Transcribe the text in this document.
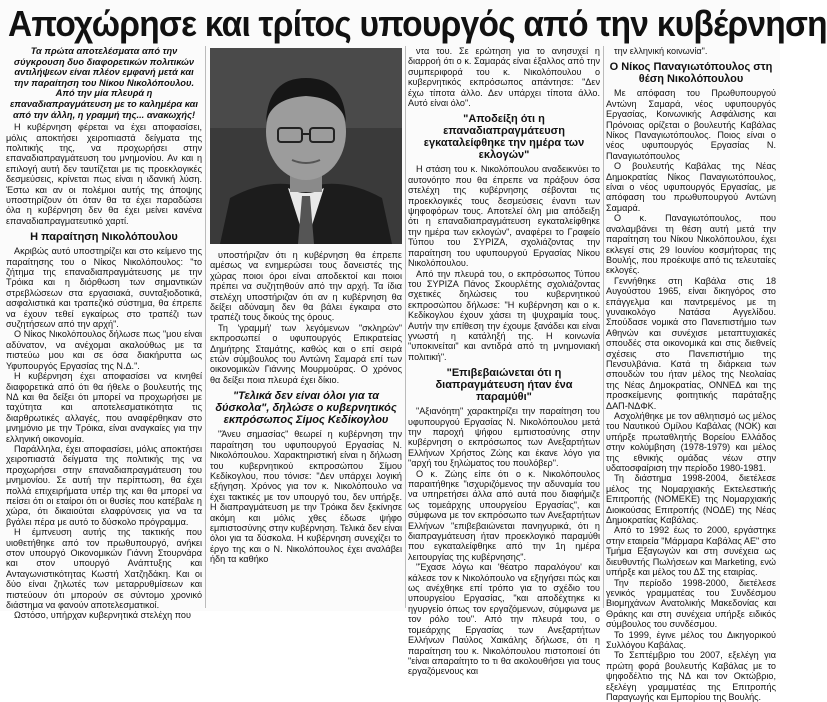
Αποχώρησε και τρίτος υπουργός από την κυβέρνηση
Τα πρώτα αποτελέσματα από την σύγκρουση δυο διαφορετικών πολιτικών αντιλήψεων είναι πλέον εμφανή μετά και την παραίτηση του Νίκου Νικολόπουλου. Από την μία πλευρά η επαναδιαπραγμάτευση με το καλημέρα και από την άλλη, η γραμμή της... ανακωχής!

Η κυβέρνηση φέρεται να έχει αποφασίσει, μόλις αποκτήσει χειροπιαστά δείγματα της πολιτικής της, να προχωρήσει στην επαναδιαπραγμάτευση του μνημονίου. Αν και η επιλογή αυτή δεν ταυτίζεται με τις προεκλογικές δεσμεύσεις, κρίνεται πως είναι η ιδανική λύση. Έστω και αν οι πολέμιοι αυτής της άποψης υποστηρίζουν ότι όταν θα τα έχει παραδώσει όλα η κυβέρνηση δεν θα έχει μείνει κανένα επαναδιαπραγματευτικό χαρτί.

Η παραίτηση Νικολόπουλου

Ακριβώς αυτό υποστηρίζει και στο κείμενο της παραίτησης του ο Νίκος Νικολόπουλος: "το ζήτημα της επαναδιαπραγμάτευσης με την Τρόικα και η διόρθωση των σημαντικών στρεβλώσεων στα εργασιακά, συνταξιοδοτικά, ασφαλιστικά και τραπεζικό σύστημα, θα έπρεπε να έχουν τεθεί εγκαίρως στο τραπέζι των συζητήσεων από την αρχή".

Ο Νίκος Νικολόπουλος δήλωσε πως "μου είναι αδύνατον, να ανέχομαι ακαλούθως με τα πιστεύω μου και σε όσα διακήρυττα ως Υφυπουργός Εργασίας της Ν.Δ.".

Η κυβέρνηση έχει αποφασίσει να κινηθεί διαφορετικά από ότι θα ήθελε ο βουλευτής της ΝΔ και θα δείξει ότι μπορεί να προχωρήσει με ταχύτητα και αποτελεσματικότητα τις διαρθρωτικές αλλαγές, που αναφέρθηκαν στο μνημόνιο με την Τρόικα, είναι αναγκαίες για την ελληνική οικονομία.

Παράλληλα, έχει αποφασίσει, μόλις αποκτήσει χειροπιαστά δείγματα της πολιτικής της να προχωρήσει στην επαναδιαπραγμάτευση του μνημονίου. Σε αυτή την περίπτωση, θα έχει πολλά επιχειρήματα υπέρ της και θα μπορεί να πείσει ότι οι εταίροι ότι οι θυσίες που κατέβαλε η χώρα, ότι δικαιούται ελαφρύνσεις για να τα βγάλει πέρα με αυτό το δύσκολο πρόγραμμα.

Η έμπνευση αυτής της τακτικής που υιοθετήθηκε από τον πρωθυπουργό, ανήκει στον υπουργό Οικονομικών Γιάννη Στουρνάρα και στον υπουργό Ανάπτυξης και Ανταγωνιστικότητας Κωστή Χατζηδάκη. Και οι δύο είναι ζηλωτές των μεταρρυθμίσεων και πιστεύουν ότι μπορούν σε σύντομο χρονικό διάστημα να φανούν αποτελεσματικοί.

Ωστόσο, υπήρχαν κυβερνητικά στελέχη που

υποστήριζαν ότι η κυβέρνηση θα έπρεπε αμέσως να ενημερώσει τους δανειστές της χώρας ποιοι όροι είναι αποδεκτοί και ποιοι πρέπει να συζητηθούν από την αρχή. Τα ίδια στελέχη υποστήριζαν ότι αν η κυβέρνηση θα δείξει αδύναμη δεν θα βάλει έγκαιρα στο τραπέζι τους δικούς της όρους.

Τη 'γραμμή' των λεγόμενων "σκληρών" εκπροσωπεί ο υφυπουργός Επικρατείας Δημήτρης Σταμάτης, καθώς και ο επί σειρά ετών σύμβουλος του Αντώνη Σαμαρά επί των οικονομικών Γιάννης Μουρμούρας. Ο χρόνος θα δείξει ποια πλευρά έχει δίκιο.

"Τελικά δεν είναι όλοι για τα δύσκολα", δηλώσε ο κυβερνητικός εκπρόσωπος Σίμος Κεδίκογλου

"Άνευ σημασίας" θεωρεί η κυβέρνηση την παραίτηση του υφυπουργού Εργασίας Ν. Νικολόπουλου. Χαρακτηριστική είναι η δήλωση του κυβερνητικού εκπροσώπου Σίμου Κεδίκογλου, που τόνισε: "Δεν υπάρχει λογική εξήγηση. Χρόνος για τον κ. Νικολόπουλο να έχει τακτικές με τον υπουργό του, δεν υπήρξε. Η διαπραγμάτευση με την Τρόικα δεν ξεκίνησε ακόμη και μόλις χθες έδωσε ψήφο εμπιστοσύνης στην κυβέρνηση. Τελικά δεν είναι όλοι για τα δύσκολα. Η κυβέρνηση συνεχίζει το έργο της και ο Ν. Νικολόπουλος έχει αναλάβει ήδη τα καθήκο

ντα του. Σε ερώτηση για το ανησυχεί η διαρροή ότι ο κ. Σαμαράς είναι έξαλλος από την συμπεριφορά του κ. Νικολόπουλου ο κυβερνητικός εκπρόσωπος απάντησε: "Δεν έχω τίποτα άλλο. Δεν υπάρχει τίποτα άλλο. Αυτό είναι όλο".

"Αποδείξη ότι η επαναδιαπραγμάτευση εγκαταλείφθηκε την ημέρα των εκλογών"

Η στάση του κ. Νικολόπουλου αναδεικνύει το αυτονόητο που θα έπρεπε να πράξουν όσα στελέχη της κυβέρνησης σέβονται τις προεκλογικές τους δεσμεύσεις έναντι των ψηφοφόρων τους. Αποτελεί όλη μια απόδειξη ότι η επαναδιαπραγμάτευση εγκαταλείφθηκε την ημέρα των εκλογών", αναφέρει το Γραφείο Τύπου του ΣΥΡΙΖΑ, σχολιάζοντας την παραίτηση του υφυπουργού Εργασίας Νίκου Νικολόπουλου.

Από την πλευρά του, ο εκπρόσωπος Τύπου του ΣΥΡΙΖΑ Πάνος Σκουρλέτης σχολιάζοντας σχετικές δηλώσεις του κυβερνητικού εκπροσώπου δήλωσε: "Η κυβέρνηση και ο κ. Κεδίκογλου έχουν χάσει τη ψυχραιμία τους. Αυτήν την επίθεση την έχουμε ξανάδει και είναι γνωστή η κατάληξή της. Η κοινωνία "υποκινείται" και αντιδρά από τη μνημονιακή πολιτική".

"Επιβεβαιώνεται ότι η διαπραγμάτευση ήταν ένα παραμύθι"

"Αξιανόητη" χαρακτηρίζει την παραίτηση του υφυπουργού Εργασίας Ν. Νικολόπουλου μετά την παροχή ψήφου εμπιστοσύνης στην κυβέρνηση ο εκπρόσωπος των Ανεξαρτήτων Ελλήνων Χρήστος Ζώης και έκανε λόγο για "αρχή του ξηλώματος του πουλόβερ".

Ο κ. Ζώης είπε ότι ο κ. Νικολόπουλος παραιτήθηκε "ισχυριζόμενος την αδυναμία του να υπηρετήσει άλλα από αυτά που διαφήμιζε ως τομεάρχης υπουργείου Εργασίας", και σύμφωνα με τον εκπρόσωπο των Ανεξαρτήτων Ελλήνων "επιβεβαιώνεται πανηγυρικά, ότι η διαπραγμάτευση ήταν προεκλογικό παραμύθι που εγκαταλείφθηκε από την 1η ημέρα λειτουργίας της κυβέρνησης".

"Έχασε λόγω και 'θέατρο παραλόγου' και κάλεσε τον κ Νικολόπουλο να εξηγήσει πώς και ως ανέχθηκε επί τρόπο για το σχέδιο του υπουργείου Εργασίας, "και αποδέχτηκε κι ηγυργείο όπως τον εργαζόμενων, σύμφωνα με τον ρόλο του". Από την πλευρά του, ο τομεάρχης Εργασίας των Ανεξαρτήτων Ελλήνων Παύλος Χαικάλης δήλωσε, ότι η παραίτηση του κ. Νικολόπουλου πιστοποιεί ότι "είναι απαραίτητο το τι θα ακολουθήσει για τους εργαζόμενους και

την ελληνική κοινωνία".

Ο Νίκος Παναγιωτόπουλος στη θέση Νικολόπουλου

Με απόφαση του Πρωθυπουργού Αντώνη Σαμαρά, νέος υφυπουργός Εργασίας, Κοινωνικής Ασφάλισης και Πρόνοιας ορίζεται ο βουλευτής Καβάλας Νίκος Παναγιωτόπουλος. Ποιος είναι ο νέος υφυπουργός Εργασίας Ν. Παναγιωτόπουλος

Ο βουλευτής Καβάλας της Νέας Δημοκρατίας Νίκος Παναγιωτόπουλος, είναι ο νέος υφυπουργός Εργασίας, με απόφαση του πρωθυπουργού Αντώνη Σαμαρά.

Ο κ. Παναγιωτόπουλος, που αναλαμβάνει τη θέση αυτή μετά την παραίτηση του Νίκου Νικολόπουλου, έχει εκλεγεί στις 29 Ιουνίου κοσμήτορας της Βουλής, που προέκυψε από τις τελευταίες εκλογές.

Γεννήθηκε στη Καβάλα στις 18 Αυγούστου 1965, είναι δικηγόρος στο επάγγελμα και παντρεμένος με τη γυναικολόγο Νατάσα Αγγελίδου. Σπούδασε νομικά στο Πανεπιστήμιο των Αθηνών και συνέχισε μεταπτυχιακές σπουδές στα οικονομικά και στις διεθνείς σχέσεις στο Πανεπιστήμιο της Πενσυλβάνια. Κατά τη διάρκεια των σπουδών του ήταν μέλος της Νεολαίας της Νέας Δημοκρατίας, ΟΝΝΕΔ και της προσκείμενης φοιτητικής παράταξης ΔΑΠ-ΝΔΦΚ.

Ασχολήθηκε με τον αθλητισμό ως μέλος του Ναυτικού Ομίλου Καβάλας (ΝΟΚ) και υπήρξε πρωταθλητής Βορείου Ελλάδος στην κολύμβηση (1978-1979) και μέλος της εθνικής ομάδας νέων στην υδατοσφαίριση την περίοδο 1980-1981.

Τη διάστημα 1998-2004, διετέλεσε μέλος της Νομαρχιακής Εκτελεστικής Επιτροπής (ΝΟΜΕΚΕ) της Νομαρχιακής Διοικούσας Επιτροπής (ΝΟΔΕ) της Νέας Δημοκρατίας Καβάλας.

Από το 1992 έως το 2000, εργάστηκε στην εταιρεία "Μάρμαρα Καβάλας ΑΕ" στο Τμήμα Εξαγωγών και στη συνέχεια ως διευθυντής Πωλήσεων και Marketing, ενώ υπήρξε και μέλος του ΔΣ της εταιρίας.

Την περίοδο 1998-2000, διετέλεσε γενικός γραμματέας του Συνδέσμου Βιομηχάνων Ανατολικής Μακεδονίας και Θράκης και στη συνέχεια υπήρξε ειδικός σύμβουλος του συνδέσμου.

Το 1999, έγινε μέλος του Δικηγορικού Συλλόγου Καβάλας.

Το Σεπτέμβριο του 2007, εξελέγη για πρώτη φορά βουλευτής Καβάλας με το ψηφοδέλτιο της ΝΔ και τον Οκτώβριο, εξελέγη γραμματέας της Επιτροπής Παραγωγής και Εμπορίου της Βουλής.
